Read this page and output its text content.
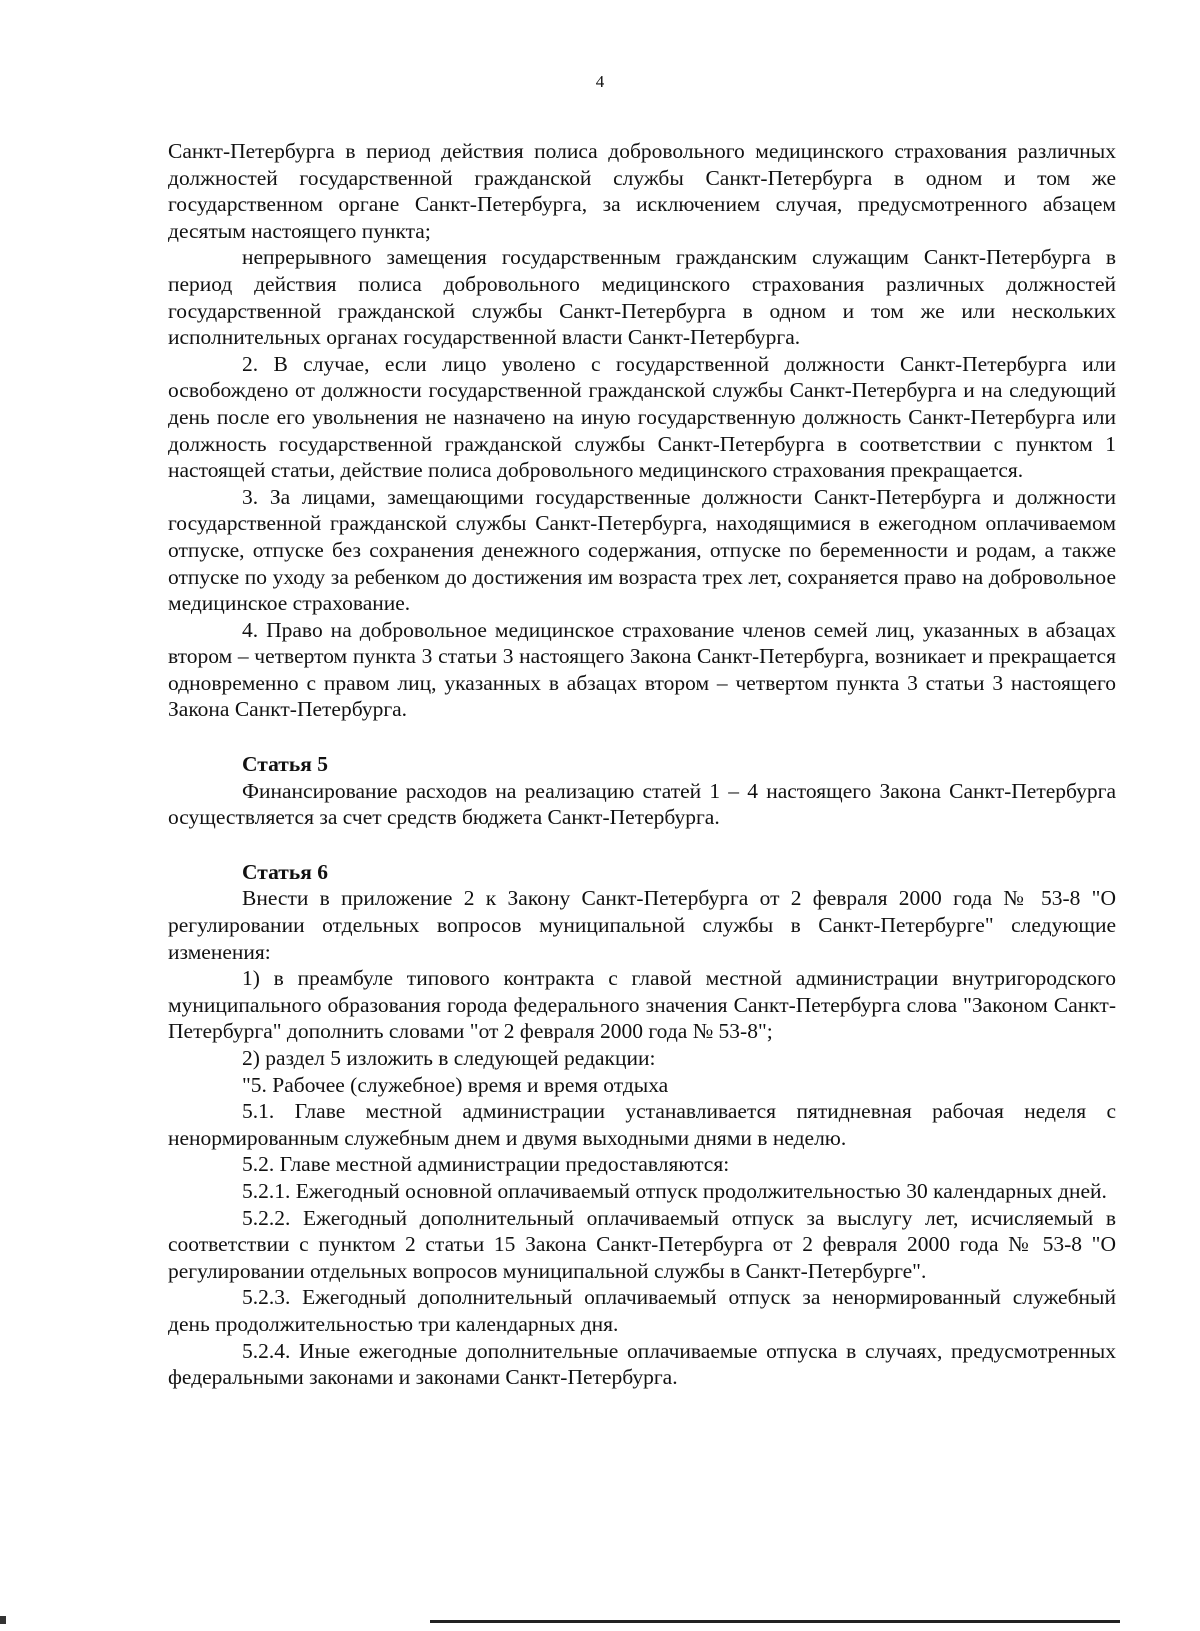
4

Санкт-Петербурга в период действия полиса добровольного медицинского страхования различных должностей государственной гражданской службы Санкт-Петербурга в одном и том же государственном органе Санкт-Петербурга, за исключением случая, предусмотренного абзацем десятым настоящего пункта;

непрерывного замещения государственным гражданским служащим Санкт-Петербурга в период действия полиса добровольного медицинского страхования различных должностей государственной гражданской службы Санкт-Петербурга в одном и том же или нескольких исполнительных органах государственной власти Санкт-Петербурга.

2. В случае, если лицо уволено с государственной должности Санкт-Петербурга или освобождено от должности государственной гражданской службы Санкт-Петербурга и на следующий день после его увольнения не назначено на иную государственную должность Санкт-Петербурга или должность государственной гражданской службы Санкт-Петербурга в соответствии с пунктом 1 настоящей статьи, действие полиса добровольного медицинского страхования прекращается.

3. За лицами, замещающими государственные должности Санкт-Петербурга и должности государственной гражданской службы Санкт-Петербурга, находящимися в ежегодном оплачиваемом отпуске, отпуске без сохранения денежного содержания, отпуске по беременности и родам, а также отпуске по уходу за ребенком до достижения им возраста трех лет, сохраняется право на добровольное медицинское страхование.

4. Право на добровольное медицинское страхование членов семей лиц, указанных в абзацах втором – четвертом пункта 3 статьи 3 настоящего Закона Санкт-Петербурга, возникает и прекращается одновременно с правом лиц, указанных в абзацах втором – четвертом пункта 3 статьи 3 настоящего Закона Санкт-Петербурга.

Статья 5

Финансирование расходов на реализацию статей 1 – 4 настоящего Закона Санкт-Петербурга осуществляется за счет средств бюджета Санкт-Петербурга.

Статья 6

Внести в приложение 2 к Закону Санкт-Петербурга от 2 февраля 2000 года № 53-8 "О регулировании отдельных вопросов муниципальной службы в Санкт-Петербурге" следующие изменения:

1) в преамбуле типового контракта с главой местной администрации внутригородского муниципального образования города федерального значения Санкт-Петербурга слова "Законом Санкт-Петербурга" дополнить словами "от 2 февраля 2000 года № 53-8";

2) раздел 5 изложить в следующей редакции:

"5. Рабочее (служебное) время и время отдыха

5.1. Главе местной администрации устанавливается пятидневная рабочая неделя с ненормированным служебным днем и двумя выходными днями в неделю.

5.2. Главе местной администрации предоставляются:

5.2.1. Ежегодный основной оплачиваемый отпуск продолжительностью 30 календарных дней.

5.2.2. Ежегодный дополнительный оплачиваемый отпуск за выслугу лет, исчисляемый в соответствии с пунктом 2 статьи 15 Закона Санкт-Петербурга от 2 февраля 2000 года № 53-8 "О регулировании отдельных вопросов муниципальной службы в Санкт-Петербурге".

5.2.3. Ежегодный дополнительный оплачиваемый отпуск за ненормированный служебный день продолжительностью три календарных дня.

5.2.4. Иные ежегодные дополнительные оплачиваемые отпуска в случаях, предусмотренных федеральными законами и законами Санкт-Петербурга.
